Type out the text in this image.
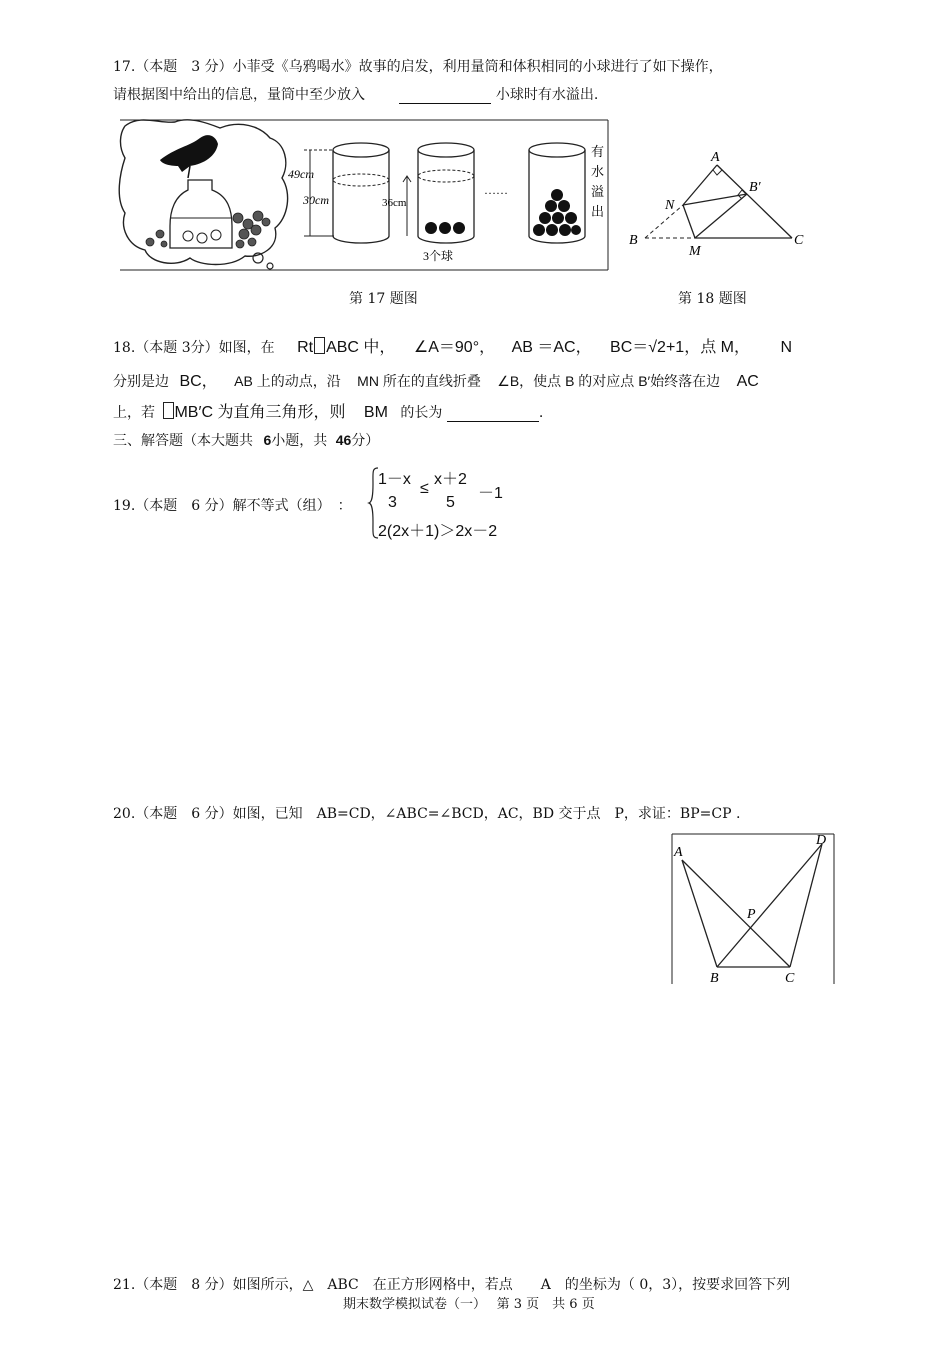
17.（本题　3 分）小菲受《乌鸦喝水》故事的启发，利用量筒和体积相同的小球进行了如下操作，
请根据图中给出的信息，量筒中至少放入	小球时有水溢出.
49cm
30cm	36cm
3个球
……
有
水
溢
出
A
B′
B	C
M
N
第 17 题图	第 18 题图
18.（本题 3分）如图，在 Rt ABC 中， ∠A＝90°， AB ＝AC， BC＝√2+1，点 M， N
分别是边 BC， AB 上的动点，沿 MN 所在的直线折叠 ∠B，使点 B 的对应点 B′始终落在边 AC
上，若 MB′C 为直角三角形，则 BM 的长为	.
三、解答题（本大题共 6小题，共 46分）
19.（本题　6 分）解不等式（组）　：
1－x
3
≤
x＋2
5
－1
2(2x＋1)＞2x－2
20.（本题　6 分）如图，已知　AB=CD，∠ABC=∠BCD，AC，BD 交于点　P，求证：BP=CP .
A
D
P
B	C
21.（本题　8 分）如图所示，△　ABC　在正方形网格中，若点　　A　的坐标为（ 0，3），按要求回答下列
期末数学模拟试卷（一）　 第 3 页　共 6 页
